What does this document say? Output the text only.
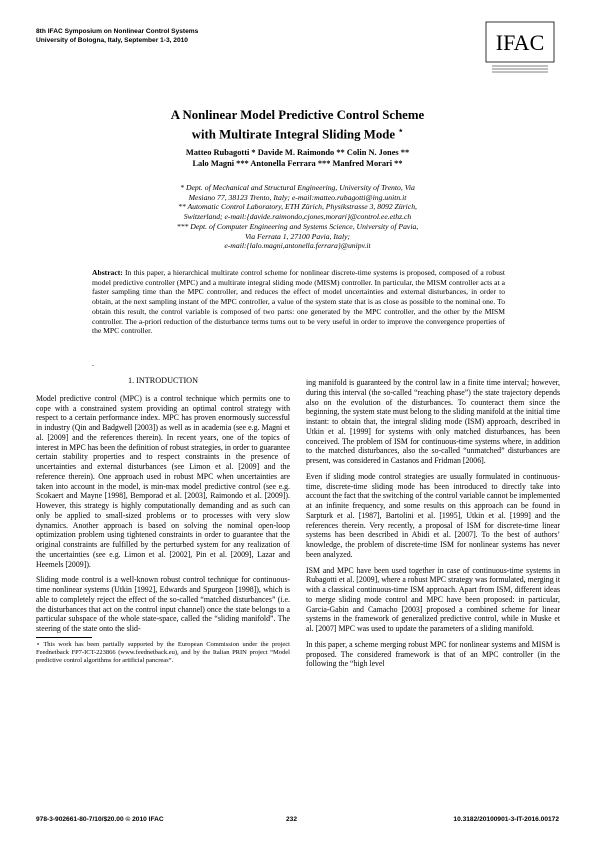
8th IFAC Symposium on Nonlinear Control Systems
University of Bologna, Italy, September 1-3, 2010	IFAC
A Nonlinear Model Predictive Control Scheme
with Multirate Integral Sliding Mode ⋆
Matteo Rubagotti * Davide M. Raimondo ** Colin N. Jones **
Lalo Magni *** Antonella Ferrara *** Manfred Morari **
* Dept. of Mechanical and Structural Engineering, University of Trento, Via
Mesiano 77, 38123 Trento, Italy; e-mail:matteo.rubagotti@ing.unitn.it
** Automatic Control Laboratory, ETH Zürich, Physikstrasse 3, 8092 Zürich,
Switzerland; e-mail:{davide.raimondo,cjones,morari}@control.ee.ethz.ch
*** Dept. of Computer Engineering and Systems Science, University of Pavia,
Via Ferrata 1, 27100 Pavia, Italy;
e-mail:{lalo.magni,antonella.ferrara}@unipv.it
Abstract: In this paper, a hierarchical multirate control scheme for nonlinear discrete-time systems is proposed, composed of a robust model predictive controller (MPC) and a multirate integral sliding mode (MISM) controller. In particular, the MISM controller acts at a faster sampling time than the MPC controller, and reduces the effect of model uncertainties and external disturbances, in order to obtain, at the next sampling instant of the MPC controller, a value of the system state that is as close as possible to the nominal one. To obtain this result, the control variable is composed of two parts: one generated by the MPC controller, and the other by the MISM controller. The a-priori reduction of the disturbance terms turns out to be very useful in order to improve the convergence properties of the MPC controller.
.
1. INTRODUCTION

Model predictive control (MPC) is a control technique which permits one to cope with a constrained system providing an optimal control strategy with respect to a certain performance index. MPC has proven enormously successful in industry (Qin and Badgwell [2003]) as well as in academia (see e.g. Magni et al. [2009] and the references therein). In recent years, one of the topics of interest in MPC has been the definition of robust strategies, in order to guarantee certain stability properties and to respect constraints in the presence of uncertainties and external disturbances (see Limon et al. [2009] and the reference therein). One approach used in robust MPC when uncertainties are taken into account in the model, is min-max model predictive control (see e.g. Scokaert and Mayne [1998], Bemporad et al. [2003], Raimondo et al. [2009]). However, this strategy is highly computationally demanding and as such can only be applied to small-sized problems or to processes with very slow dynamics. Another approach is based on solving the nominal open-loop optimization problem using tightened constraints in order to guarantee that the original constraints are fulfilled by the perturbed system for any realization of the uncertainties (see e.g. Limon et al. [2002], Pin et al. [2009], Lazar and Heemels [2009]).

Sliding mode control is a well-known robust control technique for continuous-time nonlinear systems (Utkin [1992], Edwards and Spurgeon [1998]), which is able to completely reject the effect of the so-called “matched disturbances” (i.e. the disturbances that act on the control input channel) once the state belongs to a particular subspace of the whole state-space, called the “sliding manifold”. The steering of the state onto the slid-

⋆ This work has been partially supported by the European Commission under the project Feednetback FP7-ICT-223866 (www.feednetback.eu), and by the Italian PRIN project “Model predictive control algorithms for artificial pancreas”.

ing manifold is guaranteed by the control law in a finite time interval; however, during this interval (the so-called “reaching phase”) the state trajectory depends also on the evolution of the disturbances. To counteract them since the beginning, the system state must belong to the sliding manifold at the initial time instant: to obtain that, the integral sliding mode (ISM) approach, described in Utkin et al. [1999] for systems with only matched disturbances, has been conceived. The problem of ISM for continuous-time systems where, in addition to the matched disturbances, also the so-called “unmatched” disturbances are present, was considered in Castanos and Fridman [2006].

Even if sliding mode control strategies are usually formulated in continuous-time, discrete-time sliding mode has been introduced to directly take into account the fact that the switching of the control variable cannot be implemented at an infinite frequency, and some results on this approach can be found in Sarpturk et al. [1987], Bartolini et al. [1995], Utkin et al. [1999] and the references therein. Very recently, a proposal of ISM for discrete-time linear systems has been described in Abidi et al. [2007]. To the best of authors’ knowledge, the problem of discrete-time ISM for nonlinear systems has never been analyzed.

ISM and MPC have been used together in case of continuous-time systems in Rubagotti et al. [2009], where a robust MPC strategy was formulated, merging it with a classical continuous-time ISM approach. Apart from ISM, different ideas to merge sliding mode control and MPC have been proposed: in particular, Garcia-Gabin and Camacho [2003] proposed a combined scheme for linear systems in the framework of generalized predictive control, while in Muske et al. [2007] MPC was used to update the parameters of a sliding manifold.

In this paper, a scheme merging robust MPC for nonlinear systems and MISM is proposed. The considered framework is that of an MPC controller (in the following the “high level

978-3-902661-80-7/10/$20.00 © 2010 IFAC	232	10.3182/20100901-3-IT-2016.00172
